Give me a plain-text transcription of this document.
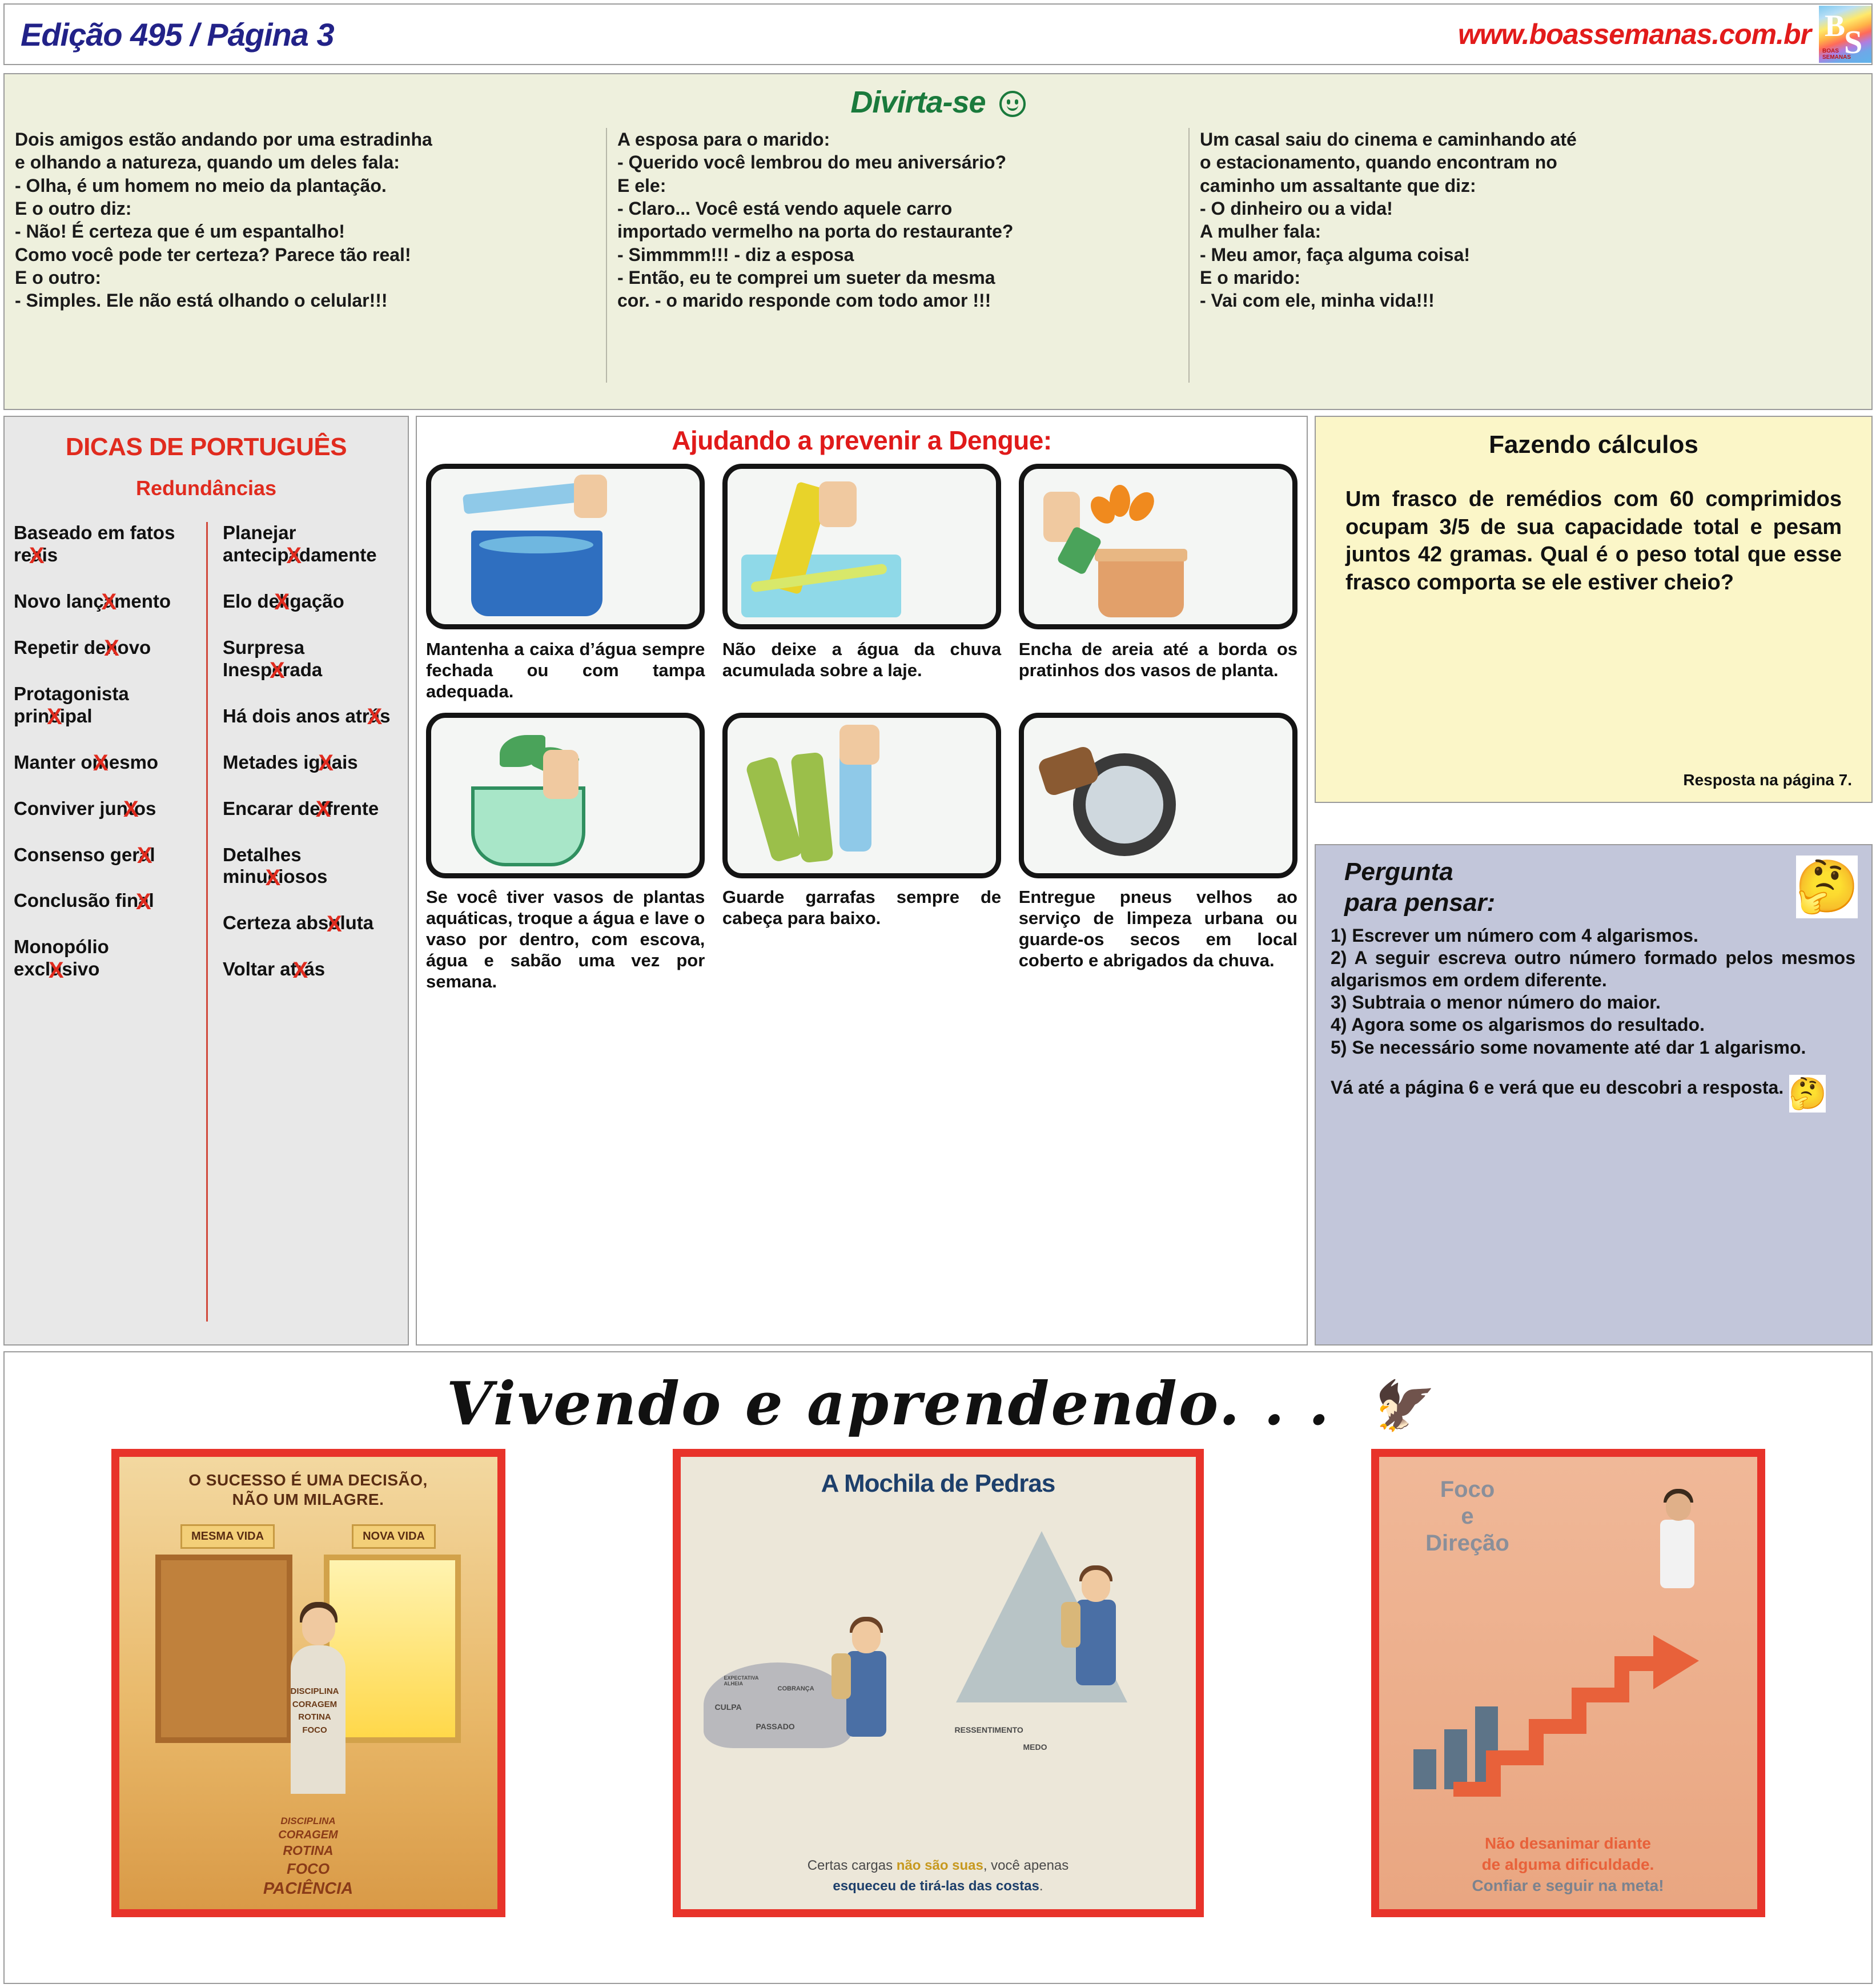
Edição 495 / Página 3	www.boassemanas.com.br B
S
BOAS
SEMANAS
Divirta-se

Dois amigos estão andando por uma estradinha

e olhando a natureza, quando um deles fala:

- Olha, é um homem no meio da plantação.

E o outro diz:

- Não! É certeza que é um espantalho!

Como você pode ter certeza? Parece tão real!

E o outro:

- Simples. Ele não está olhando o celular!!!

A esposa para o marido:

- Querido você lembrou do meu aniversário?

E ele:

- Claro... Você está vendo aquele carro

importado vermelho na porta do restaurante?

- Simmmm!!! - diz a esposa

- Então, eu te comprei um sueter da mesma

cor. - o marido responde com todo amor !!!

Um casal saiu do cinema e caminhando até

o estacionamento, quando encontram no

caminho um assaltante que diz:

- O dinheiro ou a vida!

A mulher fala:

- Meu amor, faça alguma coisa!

E o marido:

- Vai com ele, minha vida!!!

DICAS DE PORTUGUÊS
Redundâncias
Baseado em fatos rea Xis
Novo lança Xmento
Repetir den Xovo
Protagonista princ Xipal
Manter om Xesmo
Conviver junt Xos
Consenso gera Xl
Conclusão fina Xl
Monopólio exclu Xsivo
Planejar antecipa Xdamente
Elo del Xigação
Surpresa Inespe Xrada
Há dois anos atrá Xs
Metades igu Xais
Encarar def Xfrente
Detalhes minuc Xiosos
Certeza abso Xluta
Voltar atr Xás
Ajudando a prevenir a Dengue:
Mantenha a caixa d’água sempre fechada ou com tampa adequada.
Não deixe a água da chuva acumulada sobre a laje.
Encha de areia até a borda os pratinhos dos vasos de planta.
Se você tiver vasos de plantas aquáticas, troque a água e lave o vaso por dentro, com escova, água e sabão uma vez por semana.
Guarde garrafas sempre de cabeça para baixo.
Entregue pneus velhos ao serviço de limpeza urbana ou guarde-os secos em local coberto e abrigados da chuva.
Fazendo cálculos
Um frasco de remédios com 60 comprimidos ocupam 3/5 de sua capacidade total e pesam juntos 42 gramas. Qual é o peso total que esse frasco comporta se ele estiver cheio?
Resposta na página 7.
🤔
Pergunta
para pensar:

1) Escrever um número com 4 algarismos.

2) A seguir escreva outro número formado pelos mesmos algarismos em ordem diferente.

3) Subtraia o menor número do maior.

4) Agora some os algarismos do resultado.

5) Se necessário some novamente até dar 1 algarismo.

Vá até a página 6 e verá que eu descobri a resposta. 🤔

Vivendo e aprendendo. . . 🦅
O SUCESSO É UMA DECISÃO,
NÃO UM MILAGRE.
MESMA VIDA	NOVA VIDA
DISCIPLINA
CORAGEM
ROTINA
FOCO
DISCIPLINA
CORAGEM
ROTINA
FOCO
PACIÊNCIA
A Mochila de Pedras
CULPA
PASSADO
COBRANÇA
EXPECTATIVA ALHEIA
RESSENTIMENTO
MEDO
Certas cargas não são suas, você apenas
esqueceu de tirá-las das costas.
Foco
e
Direção
Não desanimar diante
de alguma dificuldade.
Confiar e seguir na meta!
